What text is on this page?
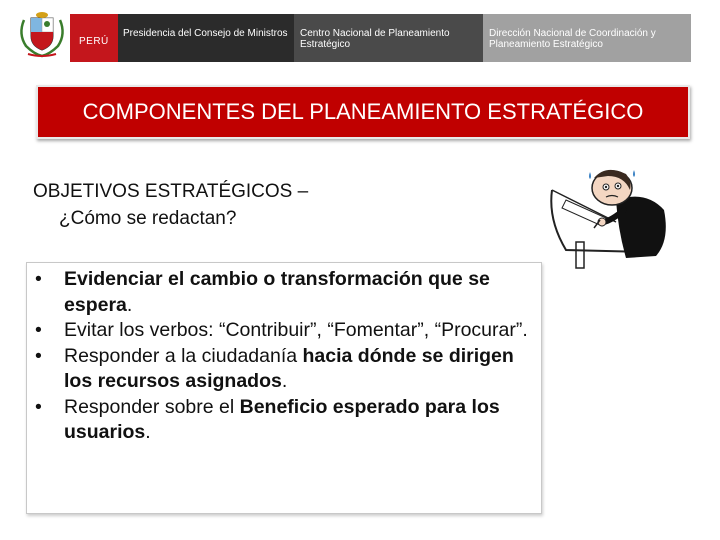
PERÚ
Presidencia del Consejo de Ministros	Centro Nacional de Planeamiento Estratégico
Dirección Nacional de Coordinación y Planeamiento Estratégico
COMPONENTES DEL PLANEAMIENTO ESTRATÉGICO
OBJETIVOS ESTRATÉGICOS –
¿Cómo se redactan?
• Evidenciar el cambio o transformación que se espera.
• Evitar los verbos: “Contribuir”, “Fomentar”, “Procurar”.
• Responder a la ciudadanía hacia dónde se dirigen los recursos asignados.
• Responder sobre el Beneficio esperado para los usuarios.
